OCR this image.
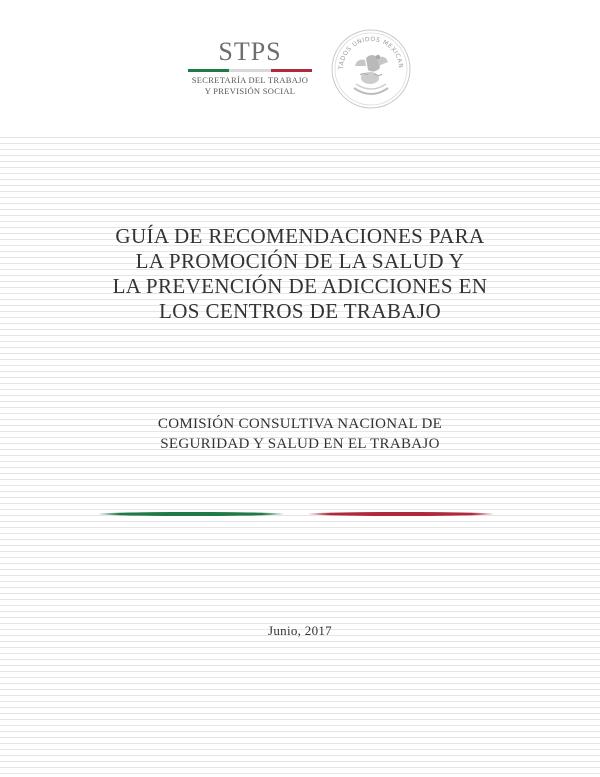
STPS
SECRETARÍA DEL TRABAJO
Y PREVISIÓN SOCIAL
TADOS UNIDOS MEXICAN
GUÍA DE RECOMENDACIONES PARA
LA PROMOCIÓN DE LA SALUD Y
LA PREVENCIÓN DE ADICCIONES EN
LOS CENTROS DE TRABAJO
COMISIÓN CONSULTIVA NACIONAL DE
SEGURIDAD Y SALUD EN EL TRABAJO
Junio, 2017
